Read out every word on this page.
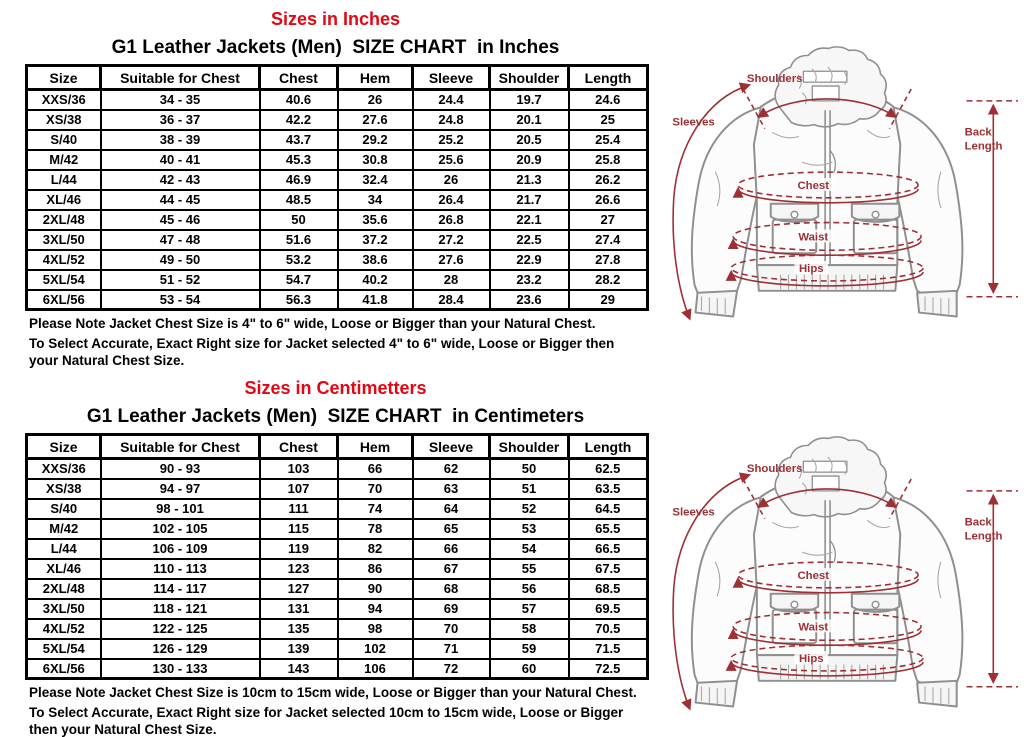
Sizes in Inches
G1 Leather Jackets (Men)  SIZE CHART  in Inches
Size	Suitable for Chest	Chest	Hem	Sleeve	Shoulder	Length
XXS/36	34 - 35	40.6	26	24.4	19.7	24.6
XS/38	36 - 37	42.2	27.6	24.8	20.1	25
S/40	38 - 39	43.7	29.2	25.2	20.5	25.4
M/42	40 - 41	45.3	30.8	25.6	20.9	25.8
L/44	42 - 43	46.9	32.4	26	21.3	26.2
XL/46	44 - 45	48.5	34	26.4	21.7	26.6
2XL/48	45 - 46	50	35.6	26.8	22.1	27
3XL/50	47 - 48	51.6	37.2	27.2	22.5	27.4
4XL/52	49 - 50	53.2	38.6	27.6	22.9	27.8
5XL/54	51 - 52	54.7	40.2	28	23.2	28.2
6XL/56	53 - 54	56.3	41.8	28.4	23.6	29
Please Note Jacket Chest Size is 4" to 6" wide, Loose or Bigger than your Natural Chest.
To Select Accurate, Exact Right size for Jacket selected 4" to 6" wide, Loose or Bigger then your Natural Chest Size.
Sizes in Centimetters
G1 Leather Jackets (Men)  SIZE CHART  in Centimeters
Size	Suitable for Chest	Chest	Hem	Sleeve	Shoulder	Length
XXS/36	90 - 93	103	66	62	50	62.5
XS/38	94 - 97	107	70	63	51	63.5
S/40	98 - 101	111	74	64	52	64.5
M/42	102 - 105	115	78	65	53	65.5
L/44	106 - 109	119	82	66	54	66.5
XL/46	110 - 113	123	86	67	55	67.5
2XL/48	114 - 117	127	90	68	56	68.5
3XL/50	118 - 121	131	94	69	57	69.5
4XL/52	122 - 125	135	98	70	58	70.5
5XL/54	126 - 129	139	102	71	59	71.5
6XL/56	130 - 133	143	106	72	60	72.5
Please Note Jacket Chest Size is 10cm to 15cm wide, Loose or Bigger than your Natural Chest.
To Select Accurate, Exact Right size for Jacket selected 10cm to 15cm wide, Loose or Bigger then your Natural Chest Size.
Shoulders
Sleeves
Chest
Waist
Hips
Back
Length
Shoulders
Sleeves
Chest
Waist
Hips
Back
Length
